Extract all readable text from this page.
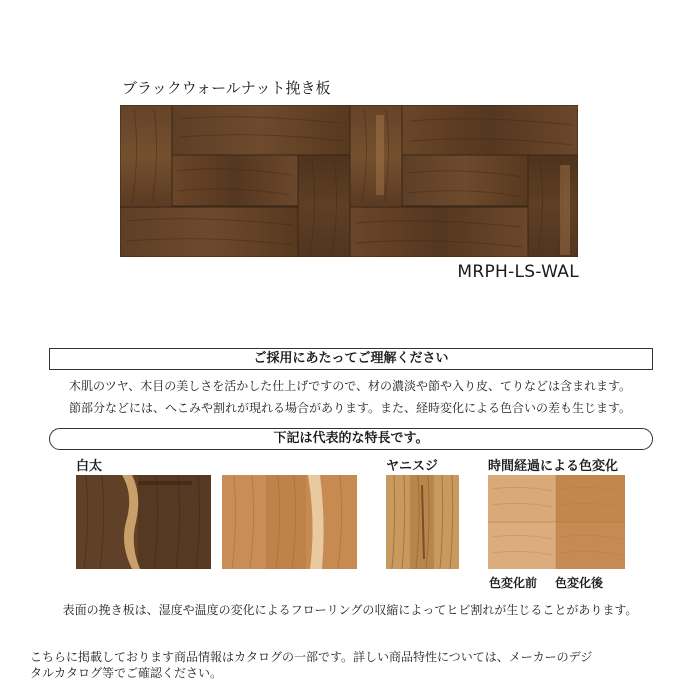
ブラックウォールナット挽き板
MRPH-LS-WAL
ご採用にあたってご理解ください
木肌のツヤ、木目の美しさを活かした仕上げですので、材の濃淡や節や入り皮、てりなどは含まれます。
節部分などには、へこみや割れが現れる場合があります。また、経時変化による色合いの差も生じます。
下記は代表的な特長です。
白太	ヤニスジ	時間経過による色変化
色変化前 色変化後
表面の挽き板は、湿度や温度の変化によるフローリングの収縮によってヒビ割れが生じることがあります。
こちらに掲載しております商品情報はカタログの一部です。詳しい商品特性については、メーカーのデジ
タルカタログ等でご確認ください。
